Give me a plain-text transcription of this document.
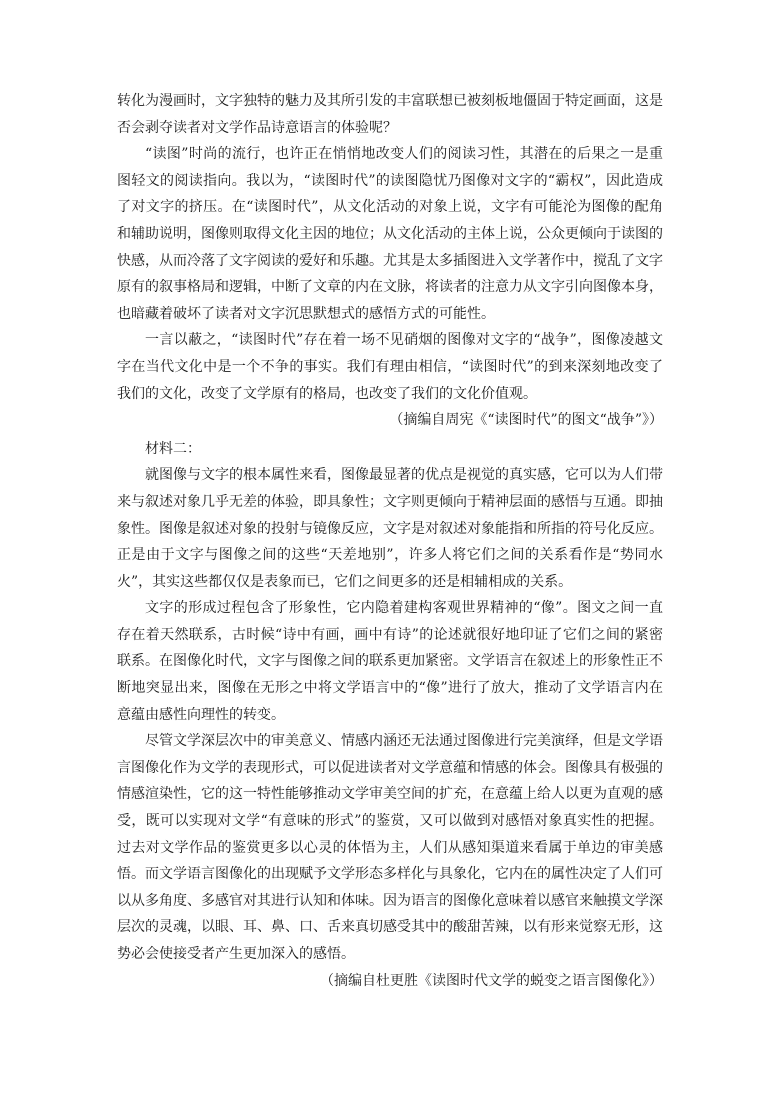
转化为漫画时，文字独特的魅力及其所引发的丰富联想已被刻板地僵固于特定画面，这是否会剥夺读者对文学作品诗意语言的体验呢？

“读图”时尚的流行，也许正在悄悄地改变人们的阅读习性，其潜在的后果之一是重图轻文的阅读指向。我以为，“读图时代”的读图隐忧乃图像对文字的“霸权”，因此造成了对文字的挤压。在“读图时代”，从文化活动的对象上说，文字有可能沦为图像的配角和辅助说明，图像则取得文化主因的地位；从文化活动的主体上说，公众更倾向于读图的快感，从而冷落了文字阅读的爱好和乐趣。尤其是太多插图进入文学著作中，搅乱了文字原有的叙事格局和逻辑，中断了文章的内在文脉，将读者的注意力从文字引向图像本身，也暗藏着破坏了读者对文字沉思默想式的感悟方式的可能性。

一言以蔽之，“读图时代”存在着一场不见硝烟的图像对文字的“战争”，图像凌越文字在当代文化中是一个不争的事实。我们有理由相信，“读图时代”的到来深刻地改变了我们的文化，改变了文学原有的格局，也改变了我们的文化价值观。

（摘编自周宪《“读图时代”的图文“战争”》）

材料二：

就图像与文字的根本属性来看，图像最显著的优点是视觉的真实感，它可以为人们带来与叙述对象几乎无差的体验，即具象性；文字则更倾向于精神层面的感悟与互通。即抽象性。图像是叙述对象的投射与镜像反应，文字是对叙述对象能指和所指的符号化反应。正是由于文字与图像之间的这些“天差地别”，许多人将它们之间的关系看作是“势同水火”，其实这些都仅仅是表象而已，它们之间更多的还是相辅相成的关系。

文字的形成过程包含了形象性，它内隐着建构客观世界精神的“像”。图文之间一直存在着天然联系，古时候“诗中有画，画中有诗”的论述就很好地印证了它们之间的紧密联系。在图像化时代，文字与图像之间的联系更加紧密。文学语言在叙述上的形象性正不断地突显出来，图像在无形之中将文学语言中的“像”进行了放大，推动了文学语言内在意蕴由感性向理性的转变。

尽管文学深层次中的审美意义、情感内涵还无法通过图像进行完美演绎，但是文学语言图像化作为文学的表现形式，可以促进读者对文学意蕴和情感的体会。图像具有极强的情感渲染性，它的这一特性能够推动文学审美空间的扩充，在意蕴上给人以更为直观的感受，既可以实现对文学“有意味的形式”的鉴赏，又可以做到对感悟对象真实性的把握。过去对文学作品的鉴赏更多以心灵的体悟为主，人们从感知渠道来看属于单边的审美感悟。而文学语言图像化的出现赋予文学形态多样化与具象化，它内在的属性决定了人们可以从多角度、多感官对其进行认知和体味。因为语言的图像化意味着以感官来触摸文学深层次的灵魂，以眼、耳、鼻、口、舌来真切感受其中的酸甜苦辣，以有形来觉察无形，这势必会使接受者产生更加深入的感悟。

（摘编自杜更胜《读图时代文学的蜕变之语言图像化》）
